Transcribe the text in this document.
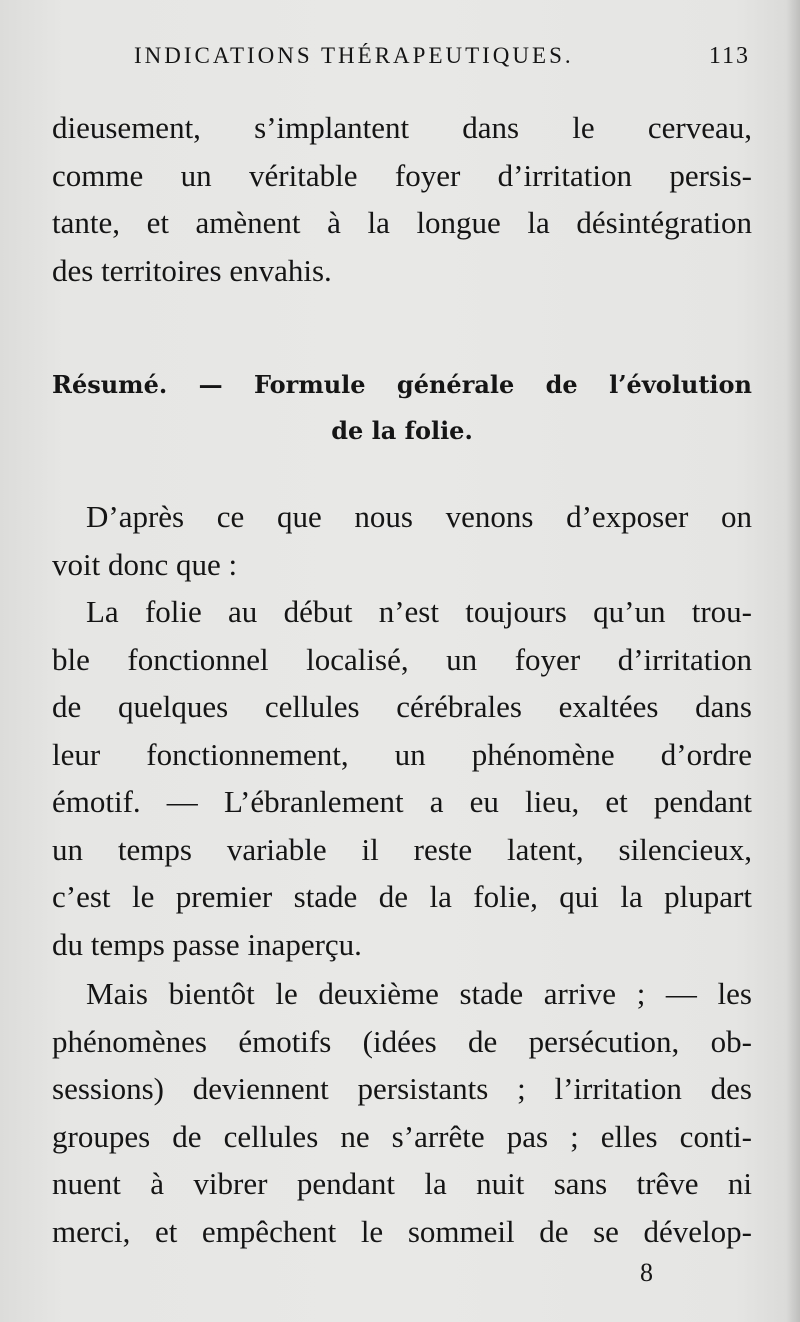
INDICATIONS THÉRAPEUTIQUES.	113
dieusement, s’implantent dans le cerveau,
comme un véritable foyer d’irritation persis-
tante, et amènent à la longue la désintégration
des territoires envahis.
Résumé. — Formule générale de l’évolution
de la folie.
D’après ce que nous venons d’exposer on
voit donc que :
La folie au début n’est toujours qu’un trou-
ble fonctionnel localisé, un foyer d’irritation
de quelques cellules cérébrales exaltées dans
leur fonctionnement, un phénomène d’ordre
émotif. — L’ébranlement a eu lieu, et pendant
un temps variable il reste latent, silencieux,
c’est le premier stade de la folie, qui la plupart
du temps passe inaperçu.
Mais bientôt le deuxième stade arrive ; — les
phénomènes émotifs (idées de persécution, ob-
sessions) deviennent persistants ; l’irritation des
groupes de cellules ne s’arrête pas ; elles conti-
nuent à vibrer pendant la nuit sans trêve ni
merci, et empêchent le sommeil de se dévelop-
8
